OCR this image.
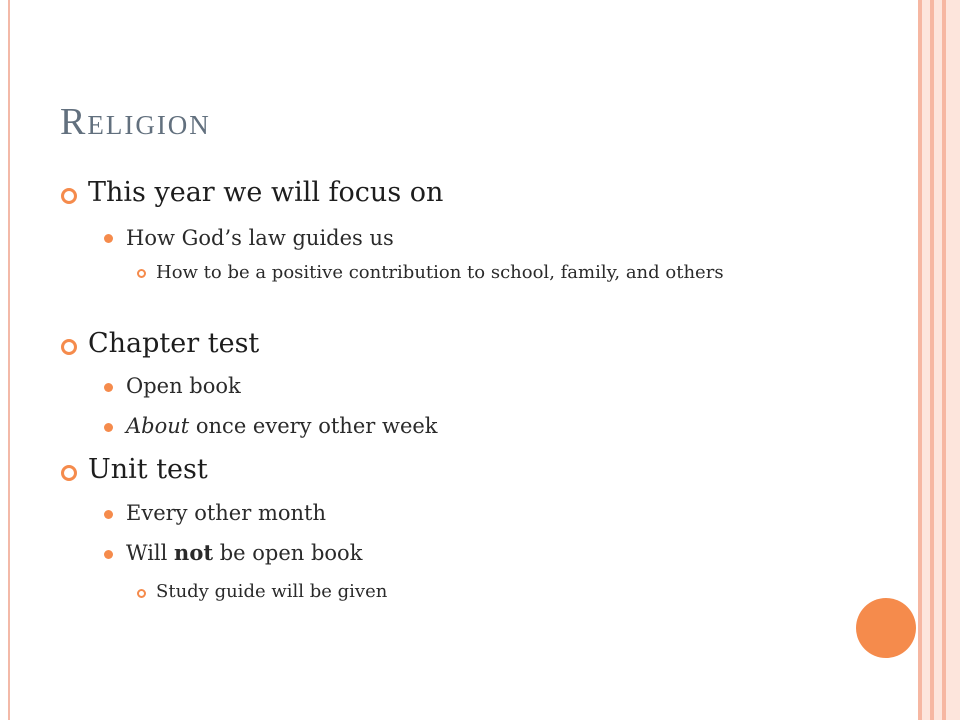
Religion

This year we will focus on

How God’s law guides us

How to be a positive contribution to school, family, and others

Chapter test

Open book

About once every other week

Unit test

Every other month

Will not be open book

Study guide will be given
